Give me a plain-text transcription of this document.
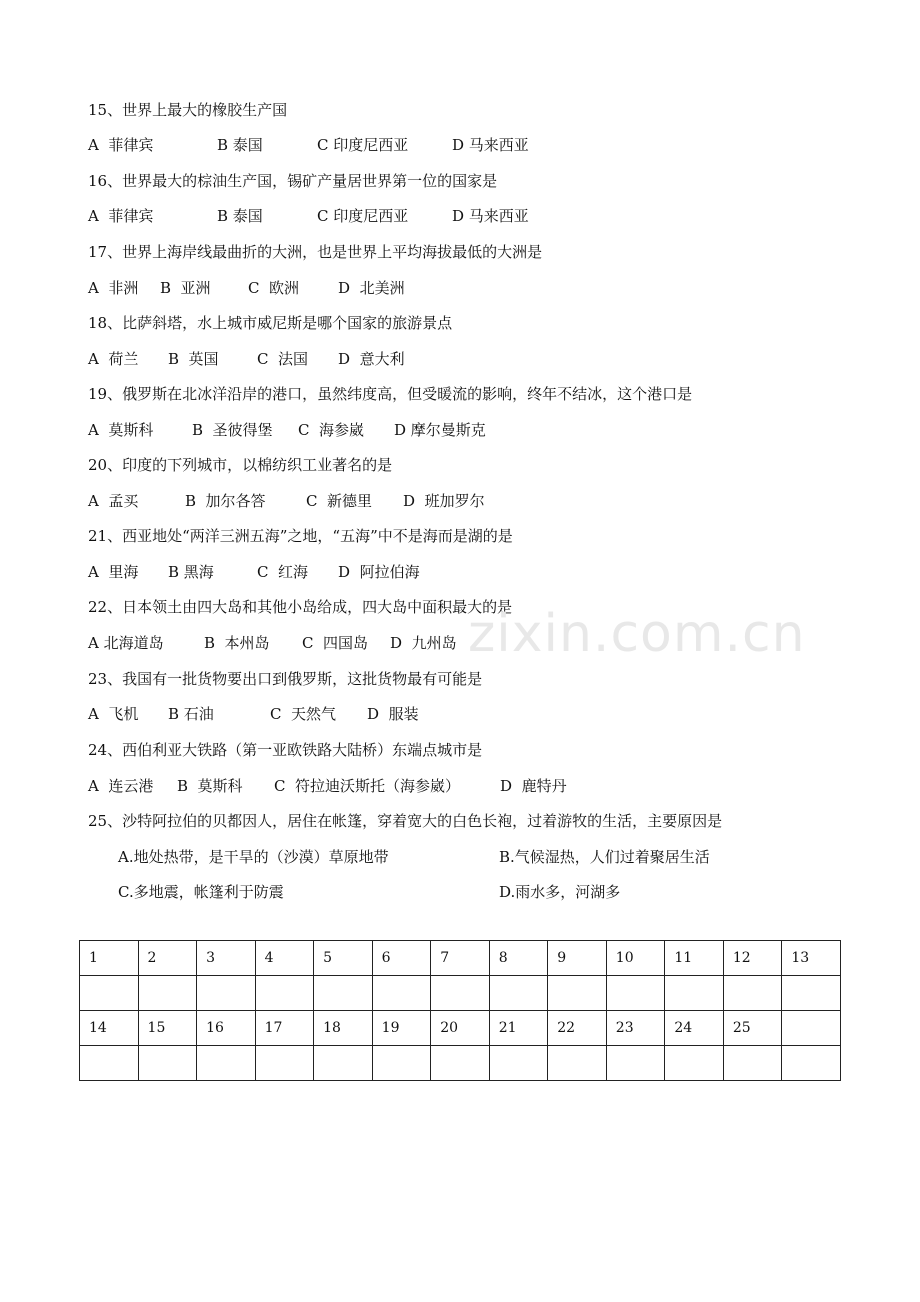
15、世界上最大的橡胶生产国
A  菲律宾	B 泰国	C 印度尼西亚	D 马来西亚
16、世界最大的棕油生产国，锡矿产量居世界第一位的国家是
A  菲律宾	B 泰国	C 印度尼西亚	D 马来西亚
17、世界上海岸线最曲折的大洲，也是世界上平均海拔最低的大洲是
A  非洲 B  亚洲 C  欧洲	D  北美洲
18、比萨斜塔，水上城市威尼斯是哪个国家的旅游景点
A  荷兰 B  英国	C  法国 D  意大利
19、俄罗斯在北冰洋沿岸的港口，虽然纬度高，但受暖流的影响，终年不结冰，这个港口是
A  莫斯科	B  圣彼得堡 C  海参崴 D 摩尔曼斯克
20、印度的下列城市，以棉纺织工业著名的是
A  孟买	B  加尔各答	C  新德里 D  班加罗尔
21、西亚地处“两洋三洲五海”之地，“五海”中不是海而是湖的是
A  里海 B 黑海	C  红海 D  阿拉伯海
22、日本领土由四大岛和其他小岛给成，四大岛中面积最大的是
A 北海道岛	B  本州岛 C  四国岛 D  九州岛
23、我国有一批货物要出口到俄罗斯，这批货物最有可能是
A  飞机 B 石油	C  天然气 D  服装
24、西伯利亚大铁路（第一亚欧铁路大陆桥）东端点城市是
A  连云港 B  莫斯科 C  符拉迪沃斯托（海参崴）	D  鹿特丹
25、沙特阿拉伯的贝都因人，居住在帐篷，穿着宽大的白色长袍，过着游牧的生活，主要原因是
A.地处热带，是干旱的（沙漠）草原地带	B.气候湿热，人们过着聚居生活
C.多地震，帐篷利于防震	D.雨水多，河湖多
zixin.com.cn
1	2	3	4	5	6	7	8	9	10	11	12	13

14	15	16	17	18	19	20	21	22	23	24	25	
